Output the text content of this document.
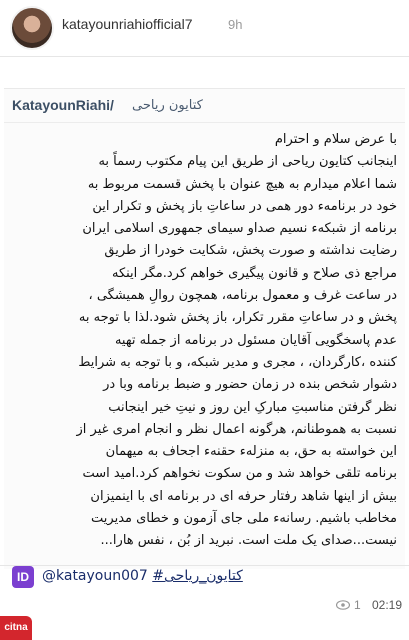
katayounriahiofficial7	9h
KatayounRiahi/ کتایون ریاحی
با عرض سلام و احترام
اینجانب کتایون ریاحی از طریق این پیام مکتوب رسماً به
شما اعلام میدارم به هیچ عنوان با پخش قسمت مربوط به
خود در برنامه‌ء دور همی در ساعاتِ باز پخش و تکرار این
برنامه از شبکه‌ء نسیم صداو سیمای جمهوری اسلامی ایران
رضایت نداشته و صورت پخش، شکایت خودرا از طریق
مراجع ذی صلاح و قانون پیگیری خواهم کرد.مگر اینکه
در ساعت غرف و معمول برنامه، همچون روالِ همیشگی ،
پخش و در ساعاتِ مقرر تکرار، باز پخش شود.لذا با توجه به
عدم پاسخگویی آقایان مسئول در برنامه از جمله تهیه
کننده ،کارگردان، ، مجری و مدیر شبکه، و با توجه به شرایط
دشوار شخص بنده در زمان حضور و ضبط برنامه وبا در
نظر گرفتن مناسبتِ مبارکِ این روز و نیتِ خیر اینجانب
نسبت به هموطنانم، هرگونه اعمال نظر و انجام امری غیر از
این خواسته به حق، به منزله‌ء حقنه‌ء اجحاف به میهمان
برنامه تلقی خواهد شد و من سکوت نخواهم کرد.امید است
بیش از اینها شاهد رفتار حرفه ای در برنامه ای با اینمیزان
مخاطب باشیم. رسانه‌ء ملی جای آزمون و خطای مدیریت
نیست...صدای یک ملت است. نبرید از بُن ، نفس هارا...
ID @katayoun007 #کتایون_ریاحی
1 02:19
citna
